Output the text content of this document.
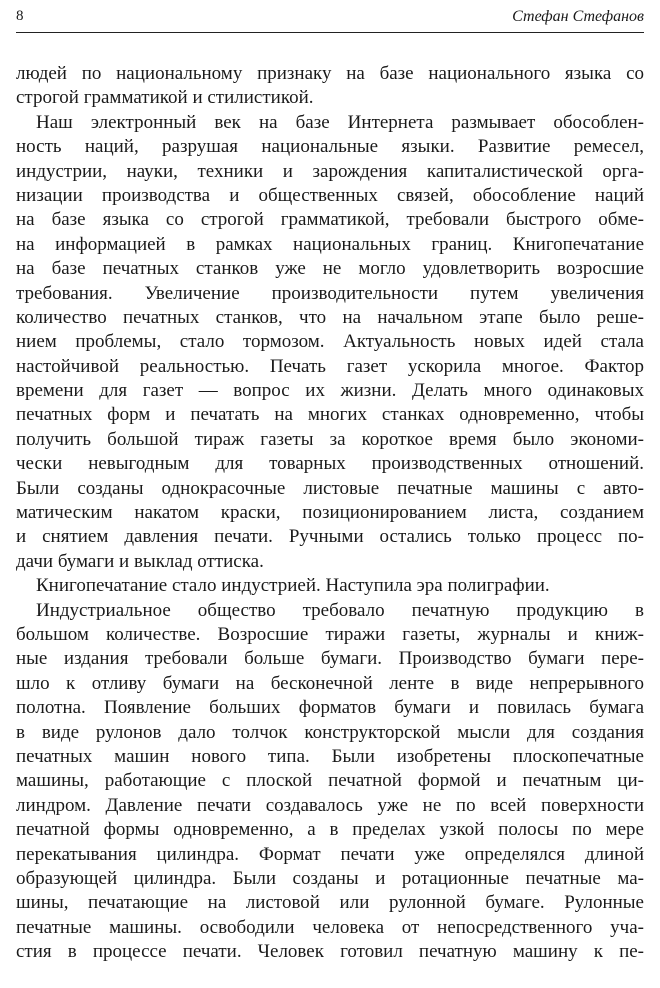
8	Стефан Стефанов
людей по национальному признаку на базе национального языка со
строгой грамматикой и стилистикой.
Наш электронный век на базе Интернета размывает обособлен-
ность наций, разрушая национальные языки. Развитие ремесел,
индустрии, науки, техники и зарождения капиталистической орга-
низации производства и общественных связей, обособление наций
на базе языка со строгой грамматикой, требовали быстрого обме-
на информацией в рамках национальных границ. Книгопечатание
на базе печатных станков уже не могло удовлетворить возросшие
требования. Увеличение производительности путем увеличения
количество печатных станков, что на начальном этапе было реше-
нием проблемы, стало тормозом. Актуальность новых идей стала
настойчивой реальностью. Печать газет ускорила многое. Фактор
времени для газет — вопрос их жизни. Делать много одинаковых
печатных форм и печатать на многих станках одновременно, чтобы
получить большой тираж газеты за короткое время было экономи-
чески невыгодным для товарных производственных отношений.
Были созданы однокрасочные листовые печатные машины с авто-
матическим накатом краски, позиционированием листа, созданием
и снятием давления печати. Ручными остались только процесс по-
дачи бумаги и выклад оттиска.
Книгопечатание стало индустрией. Наступила эра полиграфии.
Индустриальное общество требовало печатную продукцию в
большом количестве. Возросшие тиражи газеты, журналы и книж-
ные издания требовали больше бумаги. Производство бумаги пере-
шло к отливу бумаги на бесконечной ленте в виде непрерывного
полотна. Появление больших форматов бумаги и повилась бумага
в виде рулонов дало толчок конструкторской мысли для создания
печатных машин нового типа. Были изобретены плоскопечатные
машины, работающие с плоской печатной формой и печатным ци-
линдром. Давление печати создавалось уже не по всей поверхности
печатной формы одновременно, а в пределах узкой полосы по мере
перекатывания цилиндра. Формат печати уже определялся длиной
образующей цилиндра. Были созданы и ротационные печатные ма-
шины, печатающие на листовой или рулонной бумаге. Рулонные
печатные машины. освободили человека от непосредственного уча-
стия в процессе печати. Человек готовил печатную машину к пе-
